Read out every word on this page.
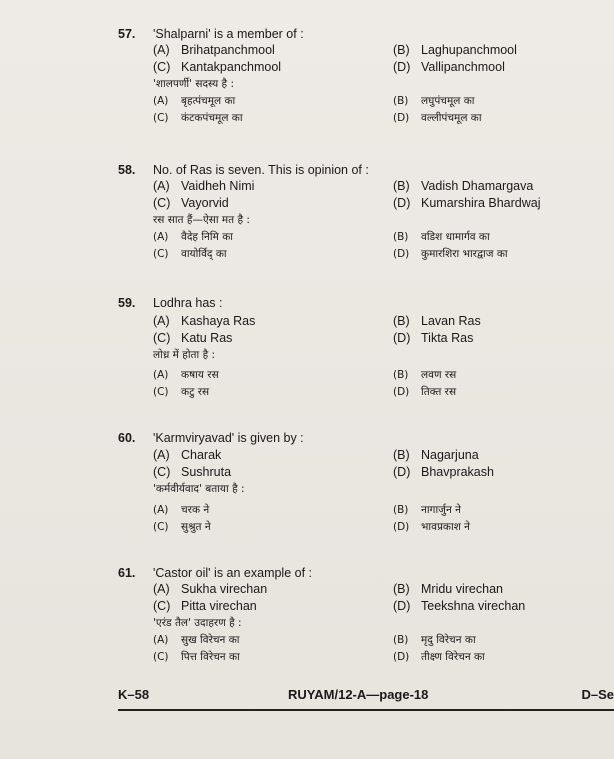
57.	'Shalparni' is a member of :
(A) Brihatpanchmool	(B) Laghupanchmool
(C) Kantakpanchmool	(D) Vallipanchmool
'शालपर्णी' सदस्य है :
(A) बृहत्पंचमूल का	(B) लघुपंचमूल का
(C) कंटकपंचमूल का	(D) वल्लीपंचमूल का
58.	No. of Ras is seven. This is opinion of :
(A) Vaidheh Nimi	(B) Vadish Dhamargava
(C) Vayorvid	(D) Kumarshira Bhardwaj
रस सात हैं—ऐसा मत है :
(A) वैदेह निमि का	(B) वडिश धामार्गव का
(C) वायोर्विद् का	(D) कुमारशिरा भारद्वाज का
59.	Lodhra has :
(A) Kashaya Ras	(B) Lavan Ras
(C) Katu Ras	(D) Tikta Ras
लोध्र में होता है :
(A) कषाय रस	(B) लवण रस
(C) कटु रस	(D) तिक्त रस
60.	'Karmviryavad' is given by :
(A) Charak	(B) Nagarjuna
(C) Sushruta	(D) Bhavprakash
'कर्मवीर्यवाद' बताया है :
(A) चरक ने	(B) नागार्जुन ने
(C) सुश्रुत ने	(D) भावप्रकाश ने
61.	'Castor oil' is an example of :
(A) Sukha virechan	(B) Mridu virechan
(C) Pitta virechan	(D) Teekshna virechan
'एरंड तैल' उदाहरण है :
(A) सुख विरेचन का	(B) मृदु विरेचन का
(C) पित्त विरेचन का	(D) तीक्ष्ण विरेचन का
K–58	RUYAM/12-A—page-18	D–Se
